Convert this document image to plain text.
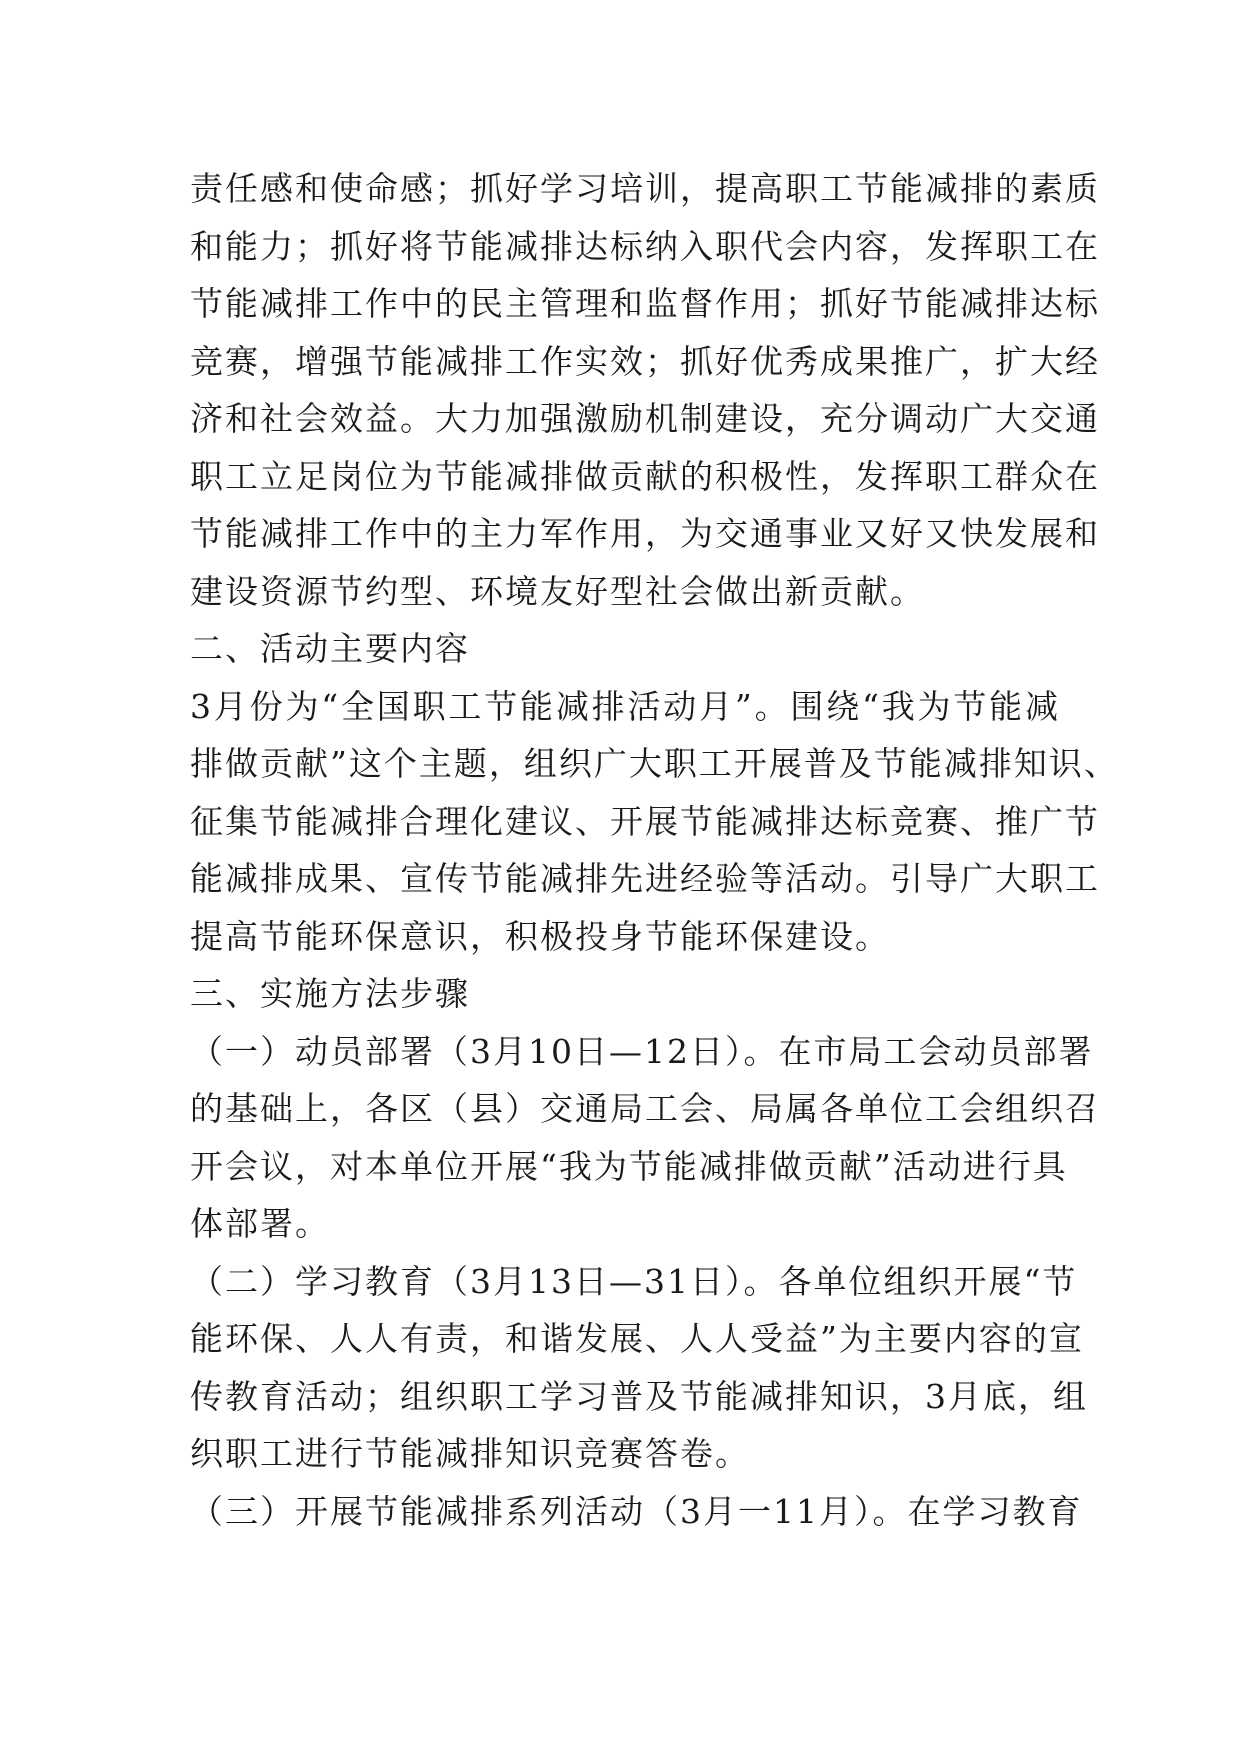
责任感和使命感；抓好学习培训，提高职工节能减排的素质
和能力；抓好将节能减排达标纳入职代会内容，发挥职工在
节能减排工作中的民主管理和监督作用；抓好节能减排达标
竞赛，增强节能减排工作实效；抓好优秀成果推广，扩大经
济和社会效益。大力加强激励机制建设，充分调动广大交通
职工立足岗位为节能减排做贡献的积极性，发挥职工群众在
节能减排工作中的主力军作用，为交通事业又好又快发展和
建设资源节约型、环境友好型社会做出新贡献。
二、活动主要内容
3月份为“全国职工节能减排活动月”。围绕“我为节能减
排做贡献”这个主题，组织广大职工开展普及节能减排知识、
征集节能减排合理化建议、开展节能减排达标竞赛、推广节
能减排成果、宣传节能减排先进经验等活动。引导广大职工
提高节能环保意识，积极投身节能环保建设。
三、实施方法步骤
（一）动员部署（3月10日—12日）。在市局工会动员部署
的基础上，各区（县）交通局工会、局属各单位工会组织召
开会议，对本单位开展“我为节能减排做贡献”活动进行具
体部署。
（二）学习教育（3月13日—31日）。各单位组织开展“节
能环保、人人有责，和谐发展、人人受益”为主要内容的宣
传教育活动；组织职工学习普及节能减排知识，3月底，组
织职工进行节能减排知识竞赛答卷。
（三）开展节能减排系列活动（3月一11月）。在学习教育
